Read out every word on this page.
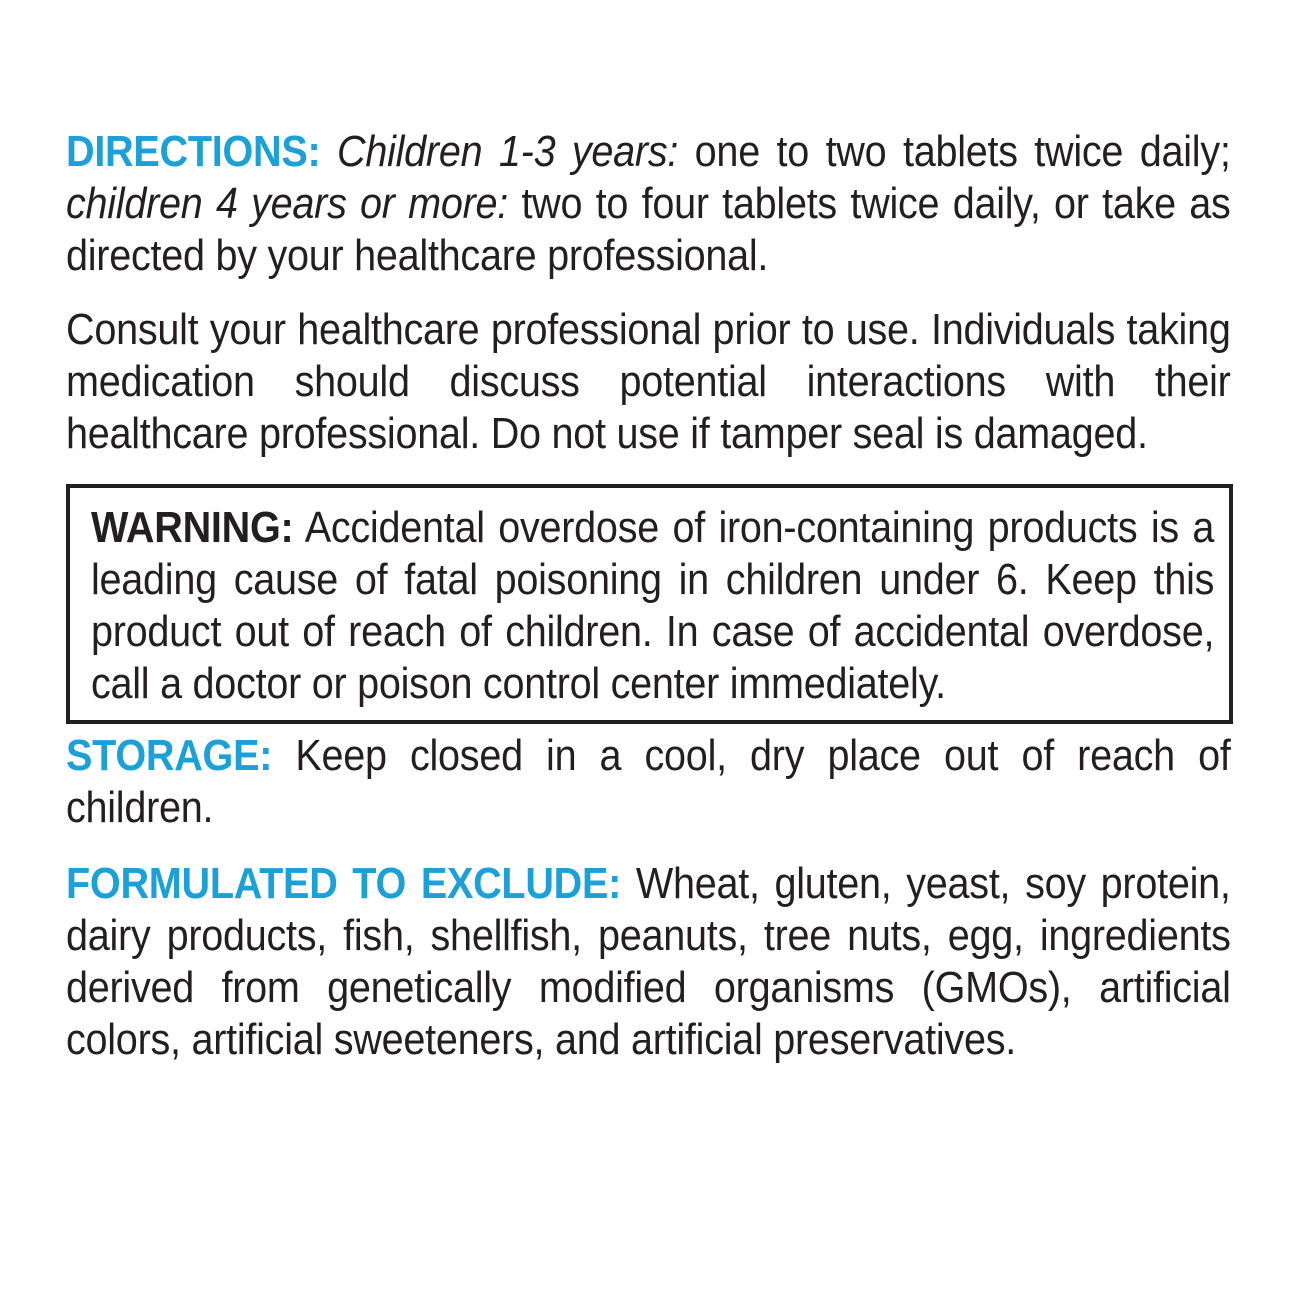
DIRECTIONS: Children 1-3 years: one to two tablets twice daily; children 4 years or more: two to four tablets twice daily, or take as directed by your healthcare professional.

Consult your healthcare professional prior to use. Individuals taking medication should discuss potential interactions with their healthcare professional. Do not use if tamper seal is damaged.

WARNING: Accidental overdose of iron-containing products is a leading cause of fatal poisoning in children under 6. Keep this product out of reach of children. In case of accidental overdose, call a doctor or poison control center immediately.

STORAGE: Keep closed in a cool, dry place out of reach of children.

FORMULATED TO EXCLUDE: Wheat, gluten, yeast, soy protein, dairy products, fish, shellfish, peanuts, tree nuts, egg, ingredients derived from genetically modified organisms (GMOs), artificial colors, artificial sweeteners, and artificial preservatives.
